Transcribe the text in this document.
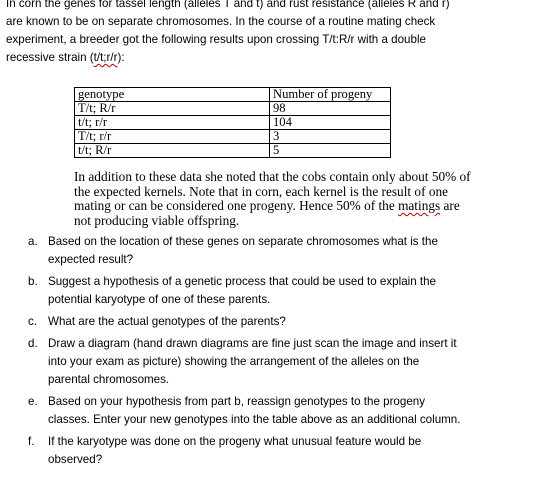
In corn the genes for tassel length (alleles T and t) and rust resistance (alleles R and r)
are known to be on separate chromosomes. In the course of a routine mating check
experiment, a breeder got the following results upon crossing T/t:R/r with a double
recessive strain (t/t;r/r):

genotype	Number of progeny
T/t; R/r	98
t/t; r/r	104
T/t; r/r	3
t/t; R/r	5

In addition to these data she noted that the cobs contain only about 50% of
the expected kernels. Note that in corn, each kernel is the result of one
mating or can be considered one progeny. Hence 50% of the matings are
not producing viable offspring.

a. Based on the location of these genes on separate chromosomes what is the
expected result?
b. Suggest a hypothesis of a genetic process that could be used to explain the
potential karyotype of one of these parents.
c. What are the actual genotypes of the parents?
d. Draw a diagram (hand drawn diagrams are fine just scan the image and insert it
into your exam as picture) showing the arrangement of the alleles on the
parental chromosomes.
e. Based on your hypothesis from part b, reassign genotypes to the progeny
classes. Enter your new genotypes into the table above as an additional column.
f. If the karyotype was done on the progeny what unusual feature would be
observed?
